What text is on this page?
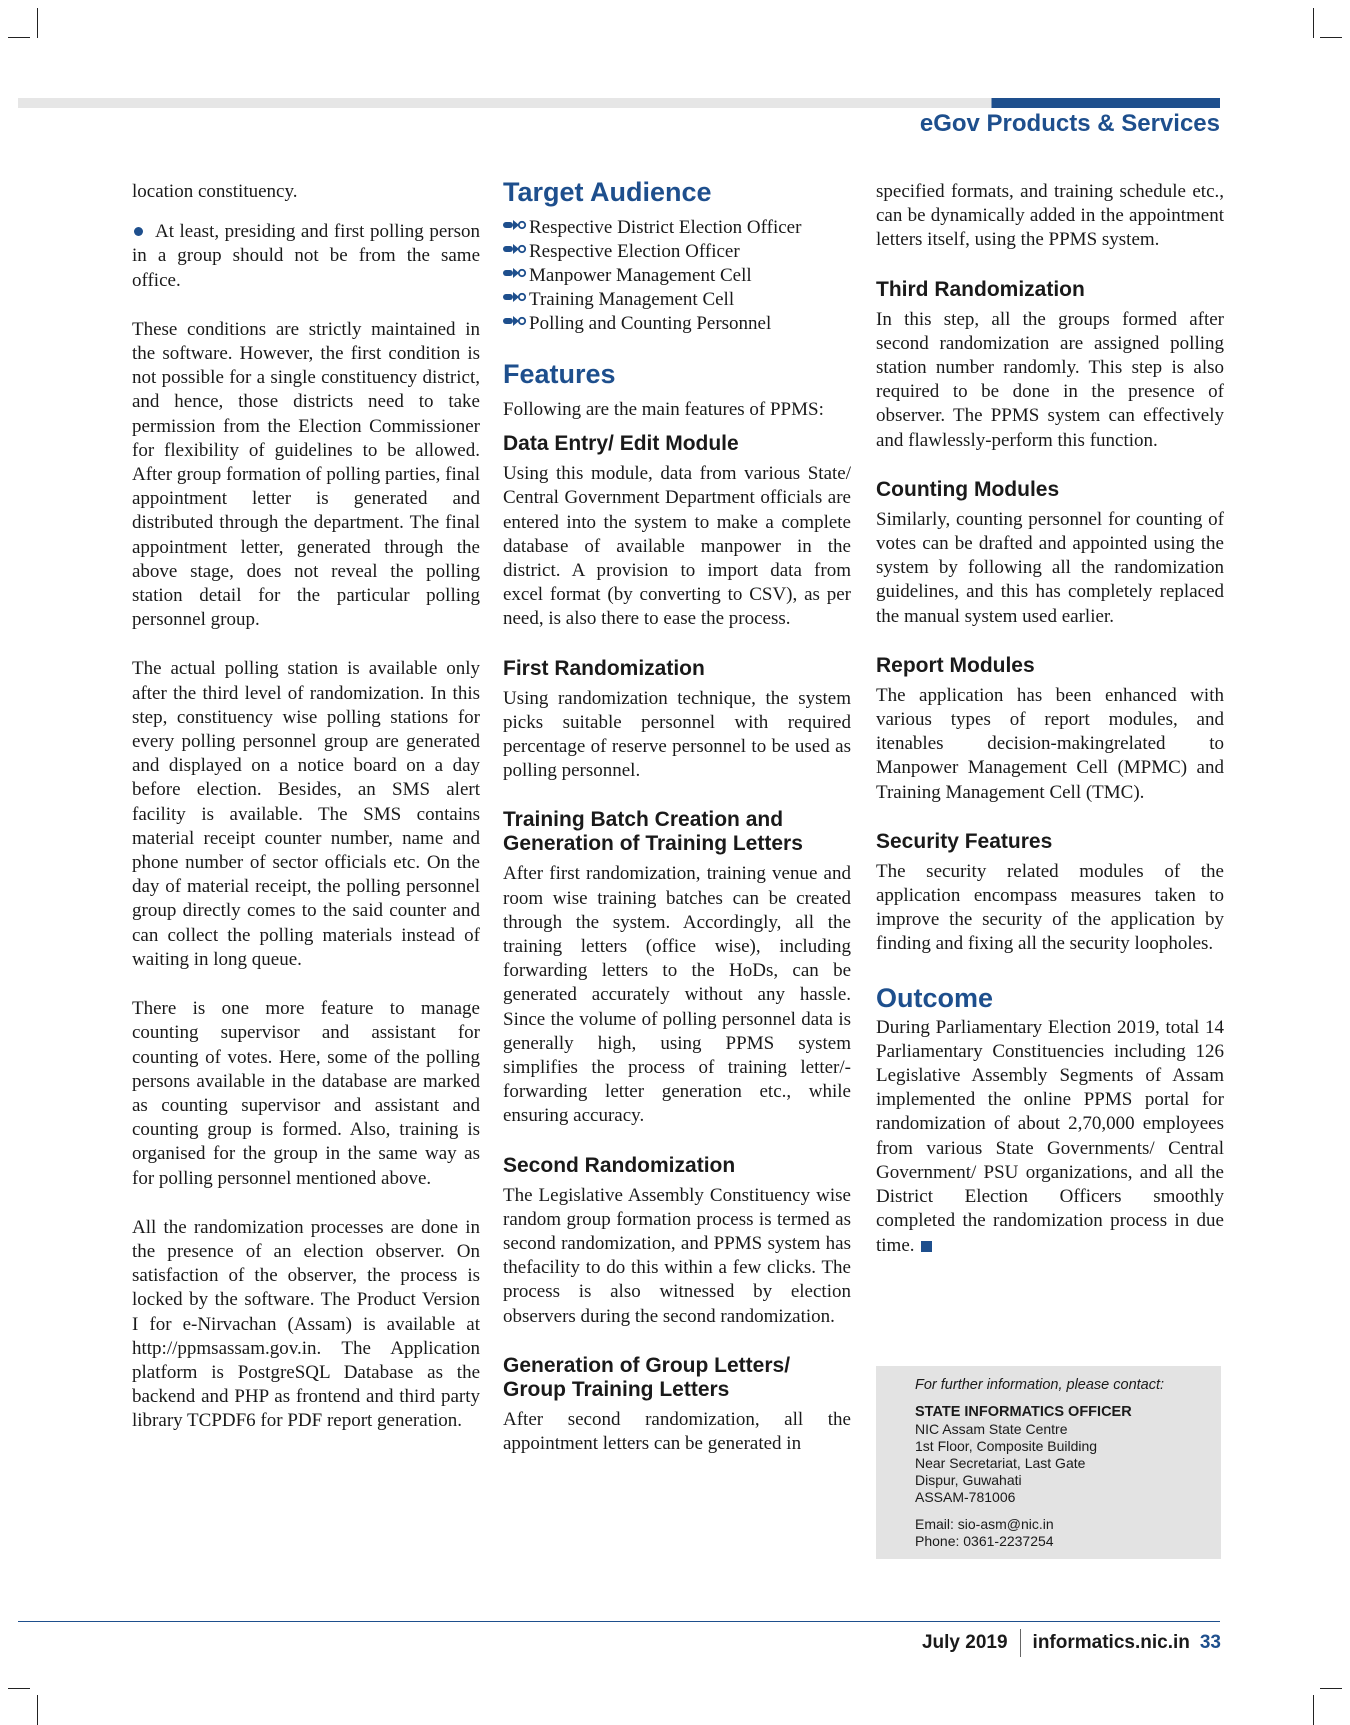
eGov Products & Services

location constituency.

At least, presiding and first polling person in a group should not be from the same office.

These conditions are strictly maintained in the software. However, the first condition is not possible for a single constituency district, and hence, those districts need to take permission from the Election Commissioner for flexibility of guidelines to be allowed. After group formation of polling parties, final appointment letter is generated and distributed through the department. The final appointment letter, generated through the above stage, does not reveal the polling station detail for the particular polling personnel group.

The actual polling station is available only after the third level of randomization. In this step, constituency wise polling stations for every polling personnel group are generated and displayed on a notice board on a day before election. Besides, an SMS alert facility is available. The SMS contains material receipt counter number, name and phone number of sector officials etc. On the day of material receipt, the polling personnel group directly comes to the said counter and can collect the polling materials instead of waiting in long queue.

There is one more feature to manage counting supervisor and assistant for counting of votes. Here, some of the polling persons available in the database are marked as counting supervisor and assistant and counting group is formed. Also, training is organised for the group in the same way as for polling personnel mentioned above.

All the randomization processes are done in the presence of an election observer. On satisfaction of the observer, the process is locked by the software. The Product Version I for e-Nirvachan (Assam) is available at http://ppmsassam.gov.in. The Application platform is PostgreSQL Database as the backend and PHP as frontend and third party library TCPDF6 for PDF report generation.

Target Audience
Respective District Election Officer
Respective Election Officer
Manpower Management Cell
Training Management Cell
Polling and Counting Personnel
Features

Following are the main features of PPMS:

Data Entry/ Edit Module

Using this module, data from various State/ Central Government Department officials are entered into the system to make a complete database of available manpower in the district. A provision to import data from excel format (by converting to CSV), as per need, is also there to ease the process.

First Randomization

Using randomization technique, the system picks suitable personnel with required percentage of reserve personnel to be used as polling personnel.

Training Batch Creation and Generation of Training Letters

After first randomization, training venue and room wise training batches can be created through the system. Accordingly, all the training letters (office wise), including forwarding letters to the HoDs, can be generated accurately without any hassle. Since the volume of polling personnel data is generally high, using PPMS system simplifies the process of training letter/-forwarding letter generation etc., while ensuring accuracy.

Second Randomization

The Legislative Assembly Constituency wise random group formation process is termed as second randomization, and PPMS system has thefacility to do this within a few clicks. The process is also witnessed by election observers during the second randomization.

Generation of Group Letters/ Group Training Letters

After second randomization, all the appointment letters can be generated in

specified formats, and training schedule etc., can be dynamically added in the appointment letters itself, using the PPMS system.

Third Randomization

In this step, all the groups formed after second randomization are assigned polling station number randomly. This step is also required to be done in the presence of observer. The PPMS system can effectively and flawlessly-perform this function.

Counting Modules

Similarly, counting personnel for counting of votes can be drafted and appointed using the system by following all the randomization guidelines, and this has completely replaced the manual system used earlier.

Report Modules

The application has been enhanced with various types of report modules, and itenables decision-makingrelated to Manpower Management Cell (MPMC) and Training Management Cell (TMC).

Security Features

The security related modules of the application encompass measures taken to improve the security of the application by finding and fixing all the security loopholes.

Outcome

During Parliamentary Election 2019, total 14 Parliamentary Constituencies including 126 Legislative Assembly Segments of Assam implemented the online PPMS portal for randomization of about 2,70,000 employees from various State Governments/ Central Government/ PSU organizations, and all the District Election Officers smoothly completed the randomization process in due time.

For further information, please contact:
STATE INFORMATICS OFFICER
NIC Assam State Centre
1st Floor, Composite Building
Near Secretariat, Last Gate
Dispur, Guwahati
ASSAM-781006
Email: sio-asm@nic.in
Phone: 0361-2237254
July 2019 informatics.nic.in 33
